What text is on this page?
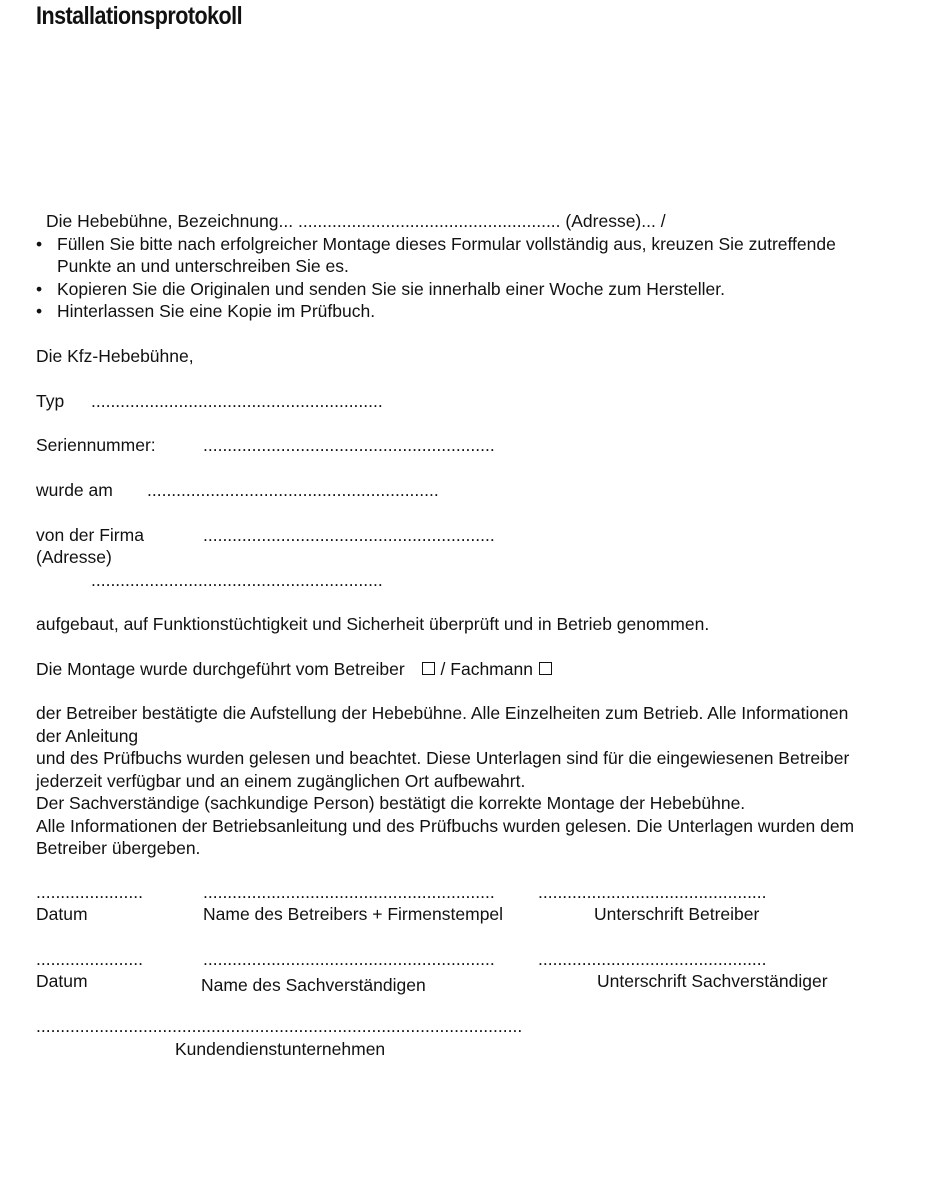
Installationsprotokoll
Die Hebebühne, Bezeichnung... ...................................................... (Adresse)... /
• Füllen Sie bitte nach erfolgreicher Montage dieses Formular vollständig aus, kreuzen Sie zutreffende
Punkte an und unterschreiben Sie es.
• Kopieren Sie die Originalen und senden Sie sie innerhalb einer Woche zum Hersteller.
• Hinterlassen Sie eine Kopie im Prüfbuch.
Die Kfz-Hebebühne,
Typ ............................................................
Seriennummer:	............................................................
wurde am ............................................................
von der Firma	............................................................
(Adresse)
............................................................
aufgebaut, auf Funktionstüchtigkeit und Sicherheit überprüft und in Betrieb genommen.
Die Montage wurde durchgeführt vom Betreiber / Fachmann
der Betreiber bestätigte die Aufstellung der Hebebühne. Alle Einzelheiten zum Betrieb. Alle Informationen
der Anleitung
und des Prüfbuchs wurden gelesen und beachtet. Diese Unterlagen sind für die eingewiesenen Betreiber
jederzeit verfügbar und an einem zugänglichen Ort aufbewahrt.
Der Sachverständige (sachkundige Person) bestätigt die korrekte Montage der Hebebühne.
Alle Informationen der Betriebsanleitung und des Prüfbuchs wurden gelesen. Die Unterlagen wurden dem
Betreiber übergeben.
......................	............................................................ ...............................................
Datum	Name des Betreibers + Firmenstempel	Unterschrift Betreiber
......................	............................................................ ...............................................
Datum	Name des Sachverständigen	Unterschrift Sachverständiger
....................................................................................................
Kundendienstunternehmen
